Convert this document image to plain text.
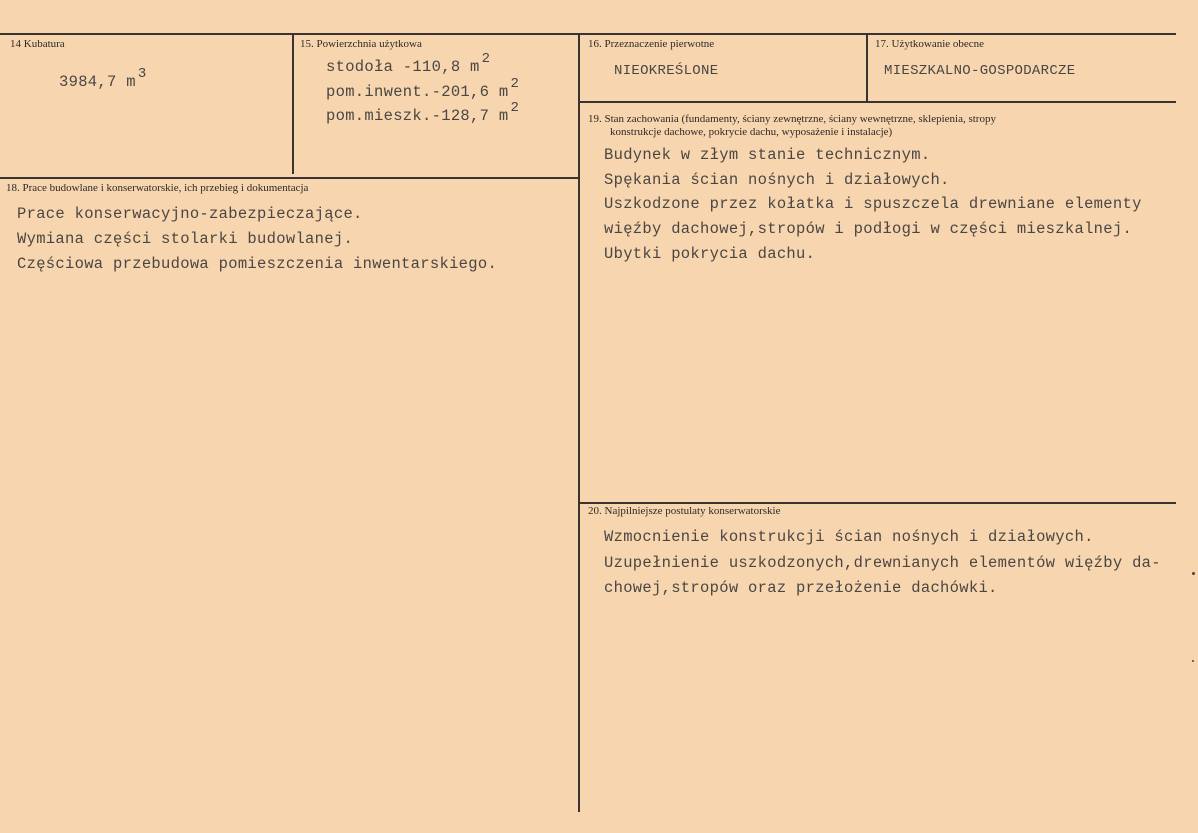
14 Kubatura
3984,7 m 3
15. Powierzchnia użytkowa
stodoła -110,8 m 2
pom.inwent.-201,6 m 2
pom.mieszk.-128,7 m 2
16. Przeznaczenie pierwotne
NIEOKREŚLONE
17. Użytkowanie obecne
MIESZKALNO-GOSPODARCZE
19. Stan zachowania (fundamenty, ściany zewnętrzne, ściany wewnętrzne, sklepienia, stropy
konstrukcje dachowe, pokrycie dachu, wyposażenie i instalacje)
Budynek w złym stanie technicznym.
Spękania ścian nośnych i działowych.
Uszkodzone przez kołatka i spuszczela drewniane elementy
więźby dachowej,stropów i podłogi w części mieszkalnej.
Ubytki pokrycia dachu.
18. Prace budowlane i konserwatorskie, ich przebieg i dokumentacja
Prace konserwacyjno-zabezpieczające.
Wymiana części stolarki budowlanej.
Częściowa przebudowa pomieszczenia inwentarskiego.
20. Najpilniejsze postulaty konserwatorskie
Wzmocnienie konstrukcji ścian nośnych i działowych.
Uzupełnienie uszkodzonych,drewnianych elementów więźby da-
chowej,stropów oraz przełożenie dachówki.
